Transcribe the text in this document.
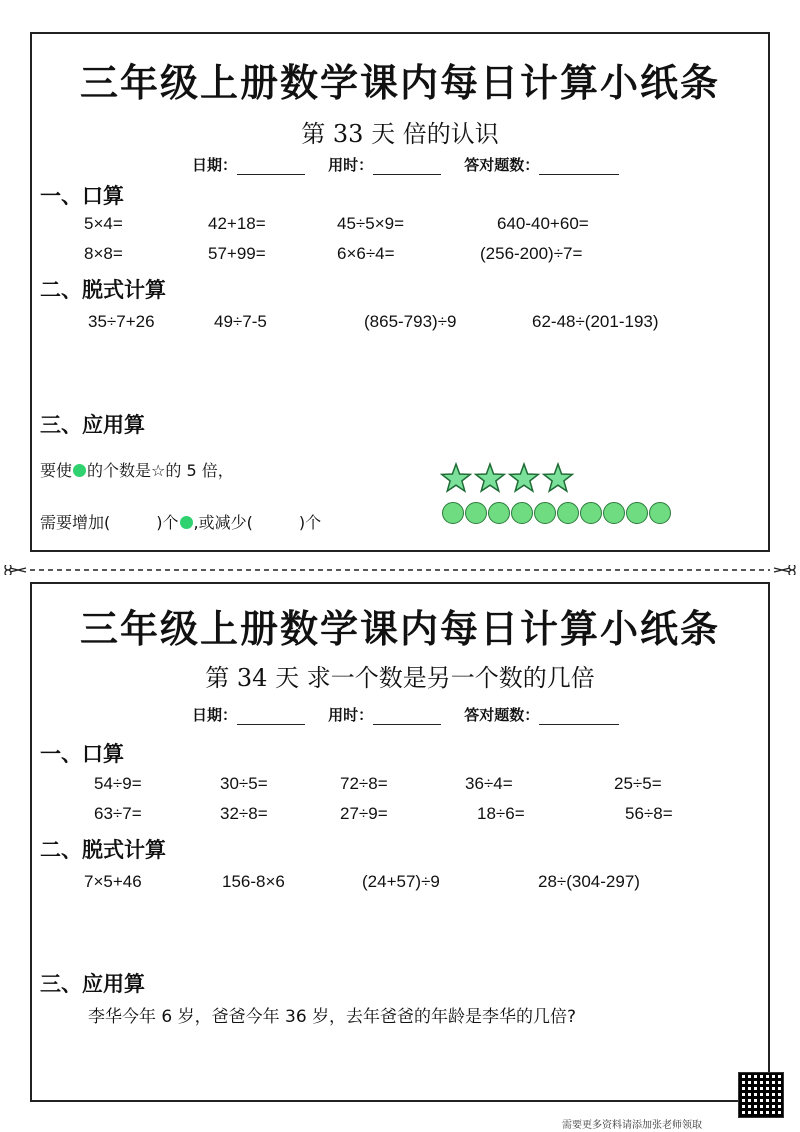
三年级上册数学课内每日计算小纸条
第 33 天 倍的认识
日期：	用时：	答对题数：
一、口算
5×4=	42+18=	45÷5×9=	640-40+60=
8×8=	57+99=	6×6÷4=	(256-200)÷7=
二、脱式计算
35÷7+26	49÷7-5	(865-793)÷9	62-48÷(201-193)
三、应用算
要使 的个数是☆的 5 倍，
需要增加(	)个 ,或减少(	)个
三年级上册数学课内每日计算小纸条
第 34 天 求一个数是另一个数的几倍
日期：	用时：	答对题数：
一、口算
54÷9=	30÷5=	72÷8=	36÷4=	25÷5=
63÷7=	32÷8=	27÷9=	18÷6=	56÷8=
二、脱式计算
7×5+46	156-8×6	(24+57)÷9	28÷(304-297)
三、应用算
李华今年 6 岁，爸爸今年 36 岁，去年爸爸的年龄是李华的几倍?
需要更多资料请添加张老师领取
